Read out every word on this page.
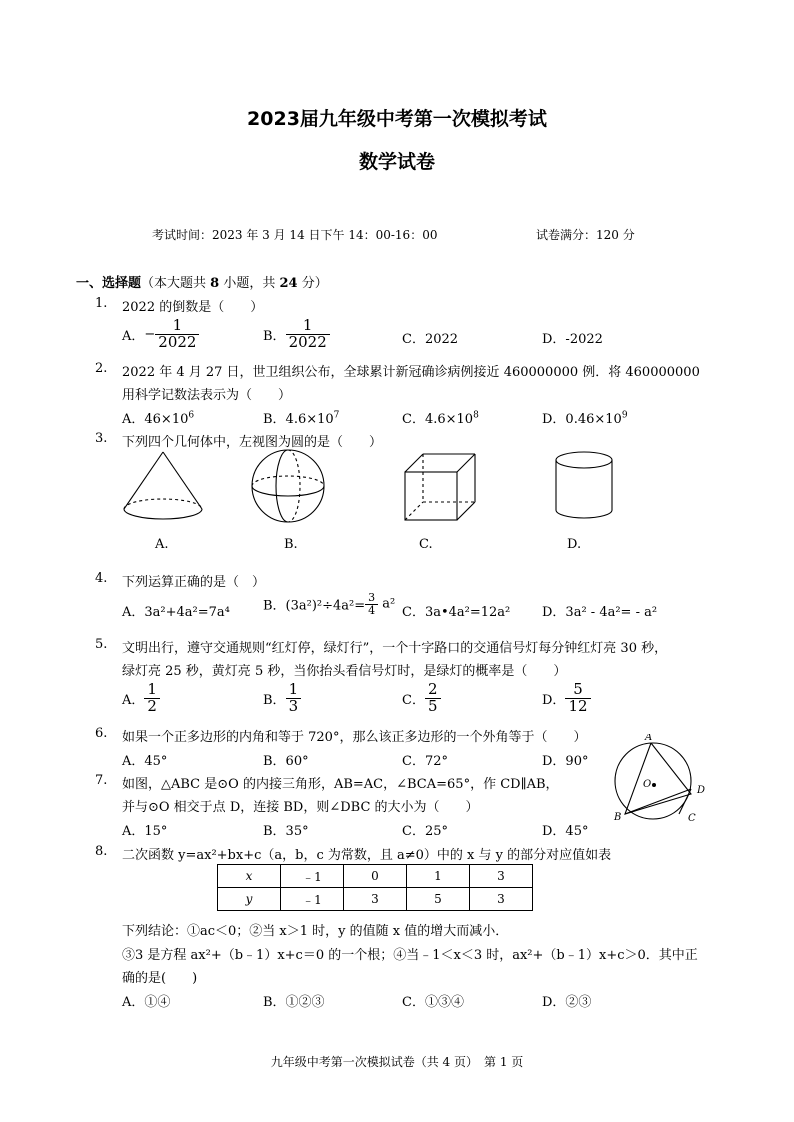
2023届九年级中考第一次模拟考试
数学试卷
考试时间：2023 年 3 月 14 日下午 14：00-16：00	试卷满分：120 分
一、选择题（本大题共 8 小题，共 24 分）
1. 2022 的倒数是（　　）
A．− $\frac{1}{2022}$	B． $\frac{1}{2022}$	C．2022	D．-2022
2. 2022 年 4 月 27 日，世卫组织公布，全球累计新冠确诊病例接近 460000000 例．将 460000000
用科学记数法表示为（　　）
A．$46\times 10^6$	B．$4.6\times 10^7$	C．$4.6\times 10^8$	D．$0.46\times 10^9$
3. 下列四个几何体中，左视图为圆的是（　　）
A.	B.	C.	D.
4. 下列运算正确的是（　）
A．3a²+4a²=7a⁴	B．$(3a^2)^2\div 4a^2= \frac{3}{4} a^2$
C．3a•4a²=12a² D．3a² - 4a²= - a²
5. 文明出行，遵守交通规则“红灯停，绿灯行”，一个十字路口的交通信号灯每分钟红灯亮 30 秒，
绿灯亮 25 秒，黄灯亮 5 秒，当你抬头看信号灯时，是绿灯的概率是（　　）
A． $\frac{1}{2}$	B． $\frac{1}{3}$	C． $\frac{2}{5}$	D． $\frac{5}{12}$
6. 如果一个正多边形的内角和等于 720°，那么该正多边形的一个外角等于（　　）
A．45°	B．60°	C．72°	D．90°
7. 如图，△ABC 是⊙O 的内接三角形，AB=AC，∠BCA=65°，作 CD∥AB，
并与⊙O 相交于点 D，连接 BD，则∠DBC 的大小为（　　）
A．15°	B．35°	C．25°	D．45°
A
O
B	C
D
8. 二次函数 y=ax²+bx+c（a，b，c 为常数，且 a≠0）中的 x 与 y 的部分对应值如表
x	﹣1	0	1	3
y	﹣1	3	5	3
下列结论：①ac＜0；②当 x＞1 时，y 的值随 x 值的增大而减小．
③3 是方程 ax²+（b﹣1）x+c＝0 的一个根；④当﹣1＜x＜3 时，ax²+（b﹣1）x+c＞0．其中正
确的是(　　)
A．①④	B．①②③	C．①③④	D．②③
九年级中考第一次模拟试卷（共 4 页）　第 1 页
